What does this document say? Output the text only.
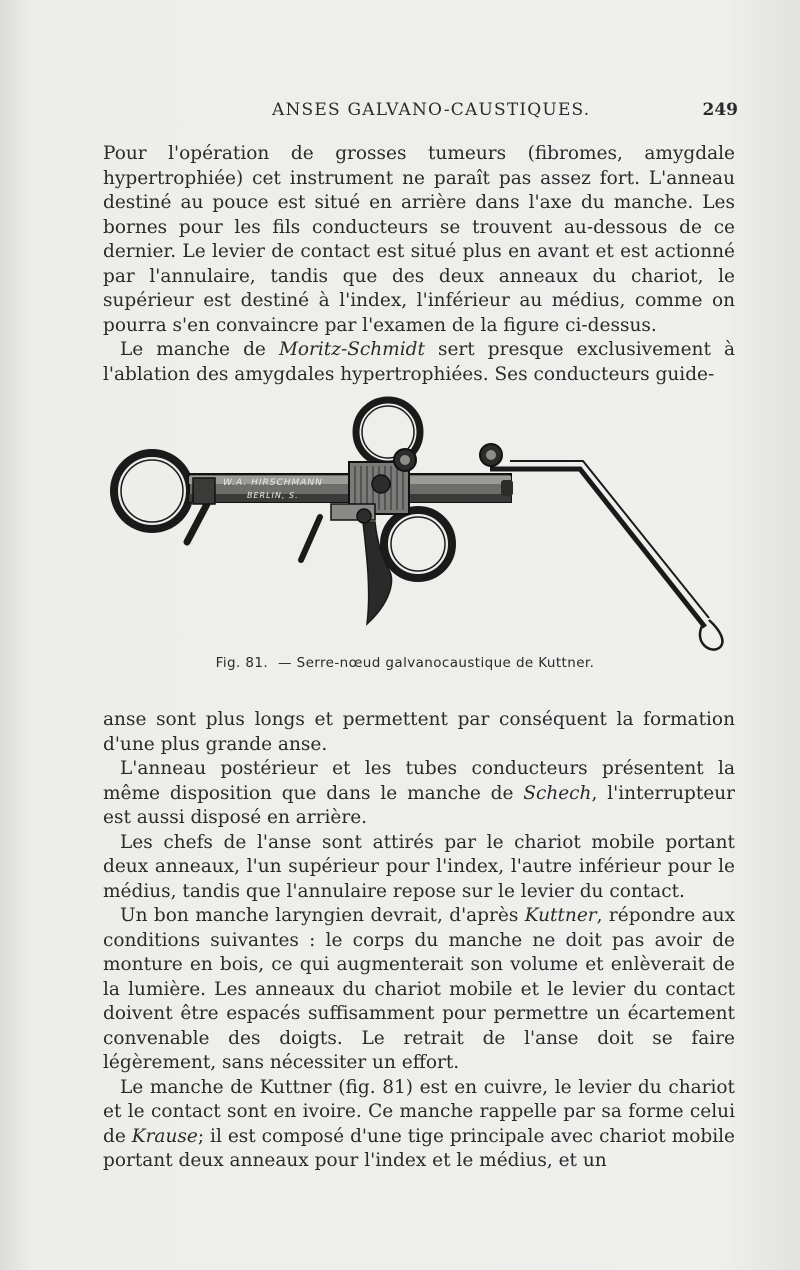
ANSES GALVANO-CAUSTIQUES.	249

Pour l'opération de grosses tumeurs (fibromes, amygdale hypertrophiée) cet instrument ne paraît pas assez fort. L'anneau destiné au pouce est situé en arrière dans l'axe du manche. Les bornes pour les fils conducteurs se trouvent au-dessous de ce dernier. Le levier de contact est situé plus en avant et est actionné par l'annulaire, tandis que des deux anneaux du chariot, le supérieur est destiné à l'index, l'inférieur au médius, comme on pourra s'en convaincre par l'examen de la figure ci-dessus.

Le manche de Moritz-Schmidt sert presque exclusivement à l'ablation des amygdales hypertrophiées. Ses conducteurs guide-

W.A. HIRSCHMANN
BERLIN, S.
Fig. 81. — Serre-nœud galvanocaustique de Kuttner.

anse sont plus longs et permettent par conséquent la formation d'une plus grande anse.

L'anneau postérieur et les tubes conducteurs présentent la même disposition que dans le manche de Schech, l'interrupteur est aussi disposé en arrière.

Les chefs de l'anse sont attirés par le chariot mobile portant deux anneaux, l'un supérieur pour l'index, l'autre inférieur pour le médius, tandis que l'annulaire repose sur le levier du contact.

Un bon manche laryngien devrait, d'après Kuttner, répondre aux conditions suivantes : le corps du manche ne doit pas avoir de monture en bois, ce qui augmenterait son volume et enlèverait de la lumière. Les anneaux du chariot mobile et le levier du contact doivent être espacés suffisamment pour permettre un écartement convenable des doigts. Le retrait de l'anse doit se faire légèrement, sans nécessiter un effort.

Le manche de Kuttner (fig. 81) est en cuivre, le levier du chariot et le contact sont en ivoire. Ce manche rappelle par sa forme celui de Krause; il est composé d'une tige principale avec chariot mobile portant deux anneaux pour l'index et le médius, et un
